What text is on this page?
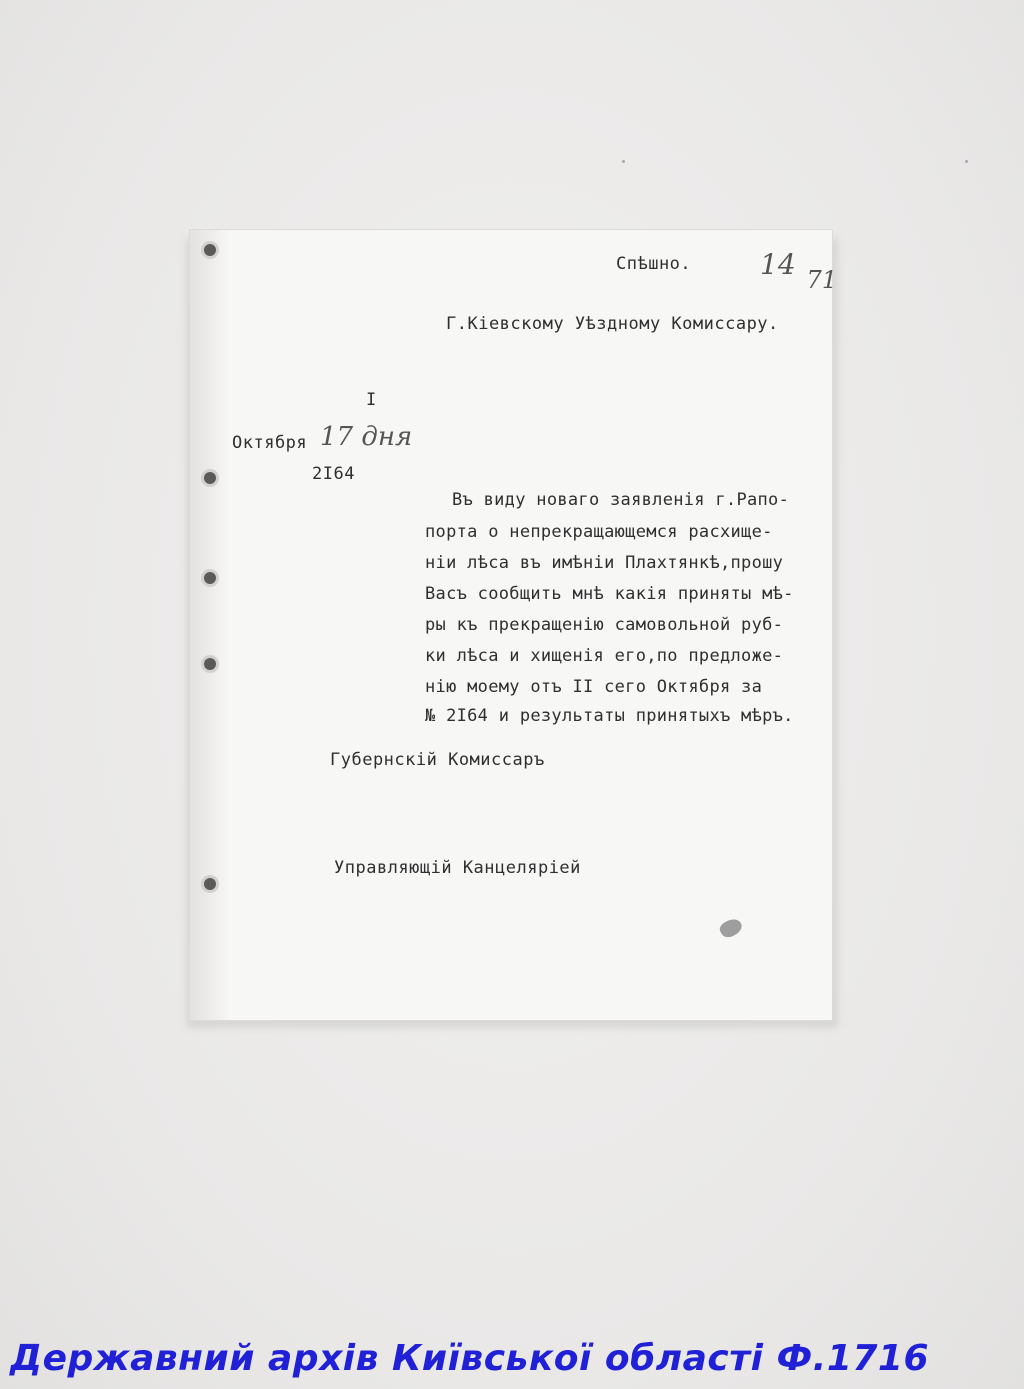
Спѣшно. 14 71
Г.Кіевскому Уѣздному Комиссару.
I
Октября 17 дня
2I64
Въ виду новаго заявленія г.Рапо-
порта о непрекращающемся расхище-
ніи лѣса въ имѣніи Плахтянкѣ,прошу
Васъ сообщить мнѣ какія приняты мѣ-
ры къ прекращенію самовольной руб-
ки лѣса и хищенія его,по предложе-
нію моему отъ II сего Октября за
№ 2I64 и результаты принятыхъ мѣръ.
Губернскій Комиссаръ
Управляющій Канцеляріей
Державний архів Київської області Ф.1716
